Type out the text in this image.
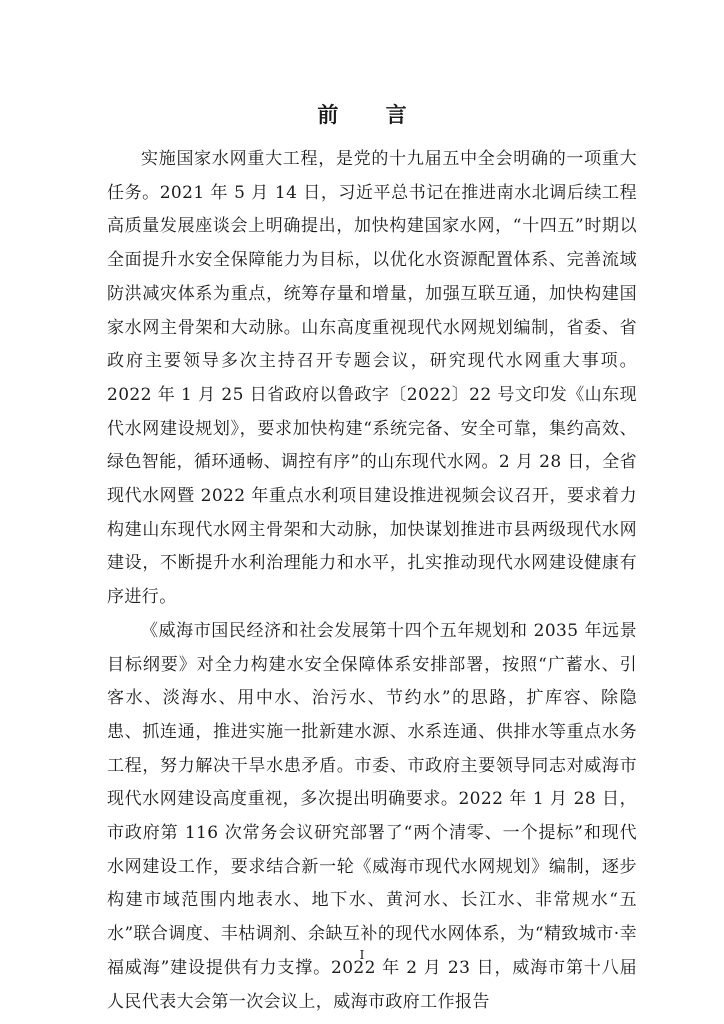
前 言

实施国家水网重大工程，是党的十九届五中全会明确的一项重大任务。2021 年 5 月 14 日，习近平总书记在推进南水北调后续工程高质量发展座谈会上明确提出，加快构建国家水网，“十四五”时期以全面提升水安全保障能力为目标，以优化水资源配置体系、完善流域防洪减灾体系为重点，统筹存量和增量，加强互联互通，加快构建国家水网主骨架和大动脉。山东高度重视现代水网规划编制，省委、省政府主要领导多次主持召开专题会议，研究现代水网重大事项。2022 年 1 月 25 日省政府以鲁政字〔2022〕22 号文印发《山东现代水网建设规划》，要求加快构建“系统完备、安全可靠，集约高效、绿色智能，循环通畅、调控有序”的山东现代水网。2 月 28 日，全省现代水网暨 2022 年重点水利项目建设推进视频会议召开，要求着力构建山东现代水网主骨架和大动脉，加快谋划推进市县两级现代水网建设，不断提升水利治理能力和水平，扎实推动现代水网建设健康有序进行。

《威海市国民经济和社会发展第十四个五年规划和 2035 年远景目标纲要》对全力构建水安全保障体系安排部署，按照“广蓄水、引客水、淡海水、用中水、治污水、节约水”的思路，扩库容、除隐患、抓连通，推进实施一批新建水源、水系连通、供排水等重点水务工程，努力解决干旱水患矛盾。市委、市政府主要领导同志对威海市现代水网建设高度重视，多次提出明确要求。2022 年 1 月 28 日，市政府第 116 次常务会议研究部署了“两个清零、一个提标”和现代水网建设工作，要求结合新一轮《威海市现代水网规划》编制，逐步构建市域范围内地表水、地下水、黄河水、长江水、非常规水“五水”联合调度、丰枯调剂、余缺互补的现代水网体系，为“精致城市·幸福威海”建设提供有力支撑。2022 年 2 月 23 日，威海市第十八届人民代表大会第一次会议上，威海市政府工作报告

I
